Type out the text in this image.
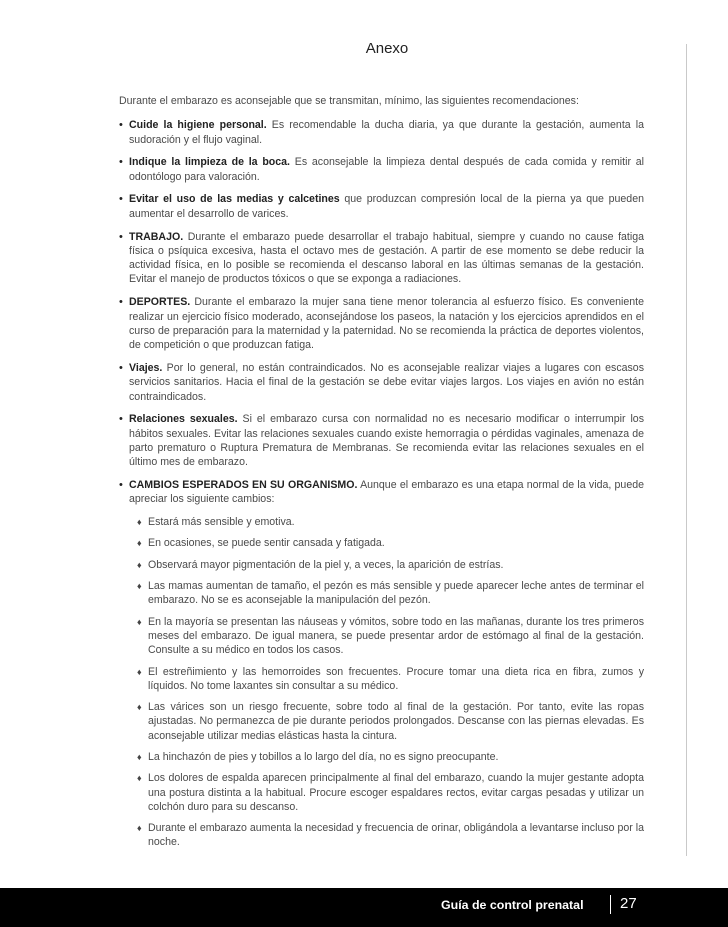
Anexo

Durante el embarazo es aconsejable que se transmitan, mínimo, las siguientes recomendaciones:

• Cuide la higiene personal. Es recomendable la ducha diaria, ya que durante la gestación, aumenta la sudoración y el flujo vaginal.
• Indique la limpieza de la boca. Es aconsejable la limpieza dental después de cada comida y remitir al odontólogo para valoración.
• Evitar el uso de las medias y calcetines que produzcan compresión local de la pierna ya que pueden aumentar el desarrollo de varices.
• TRABAJO. Durante el embarazo puede desarrollar el trabajo habitual, siempre y cuando no cause fatiga física o psíquica excesiva, hasta el octavo mes de gestación. A partir de ese momento se debe reducir la actividad física, en lo posible se recomienda el descanso laboral en las últimas semanas de la gestación. Evitar el manejo de productos tóxicos o que se exponga a radiaciones.
• DEPORTES. Durante el embarazo la mujer sana tiene menor tolerancia al esfuerzo físico. Es conveniente realizar un ejercicio físico moderado, aconsejándose los paseos, la natación y los ejercicios aprendidos en el curso de preparación para la maternidad y la paternidad. No se recomienda la práctica de deportes violentos, de competición o que produzcan fatiga.
• Viajes. Por lo general, no están contraindicados. No es aconsejable realizar viajes a lugares con escasos servicios sanitarios. Hacia el final de la gestación se debe evitar viajes largos. Los viajes en avión no están contraindicados.
• Relaciones sexuales. Si el embarazo cursa con normalidad no es necesario modificar o interrumpir los hábitos sexuales. Evitar las relaciones sexuales cuando existe hemorragia o pérdidas vaginales, amenaza de parto prematuro o Ruptura Prematura de Membranas. Se recomienda evitar las relaciones sexuales en el último mes de embarazo.
• CAMBIOS ESPERADOS EN SU ORGANISMO. Aunque el embarazo es una etapa normal de la vida, puede apreciar los siguiente cambios:
♦ Estará más sensible y emotiva.
♦ En ocasiones, se puede sentir cansada y fatigada.
♦ Observará mayor pigmentación de la piel y, a veces, la aparición de estrías.
♦ Las mamas aumentan de tamaño, el pezón es más sensible y puede aparecer leche antes de terminar el embarazo. No se es aconsejable la manipulación del pezón.
♦ En la mayoría se presentan las náuseas y vómitos, sobre todo en las mañanas, durante los tres primeros meses del embarazo. De igual manera, se puede presentar ardor de estómago al final de la gestación. Consulte a su médico en todos los casos.
♦ El estreñimiento y las hemorroides son frecuentes. Procure tomar una dieta rica en fibra, zumos y líquidos. No tome laxantes sin consultar a su médico.
♦ Las várices son un riesgo frecuente, sobre todo al final de la gestación. Por tanto, evite las ropas ajustadas. No permanezca de pie durante periodos prolongados. Descanse con las piernas elevadas. Es aconsejable utilizar medias elásticas hasta la cintura.
♦ La hinchazón de pies y tobillos a lo largo del día, no es signo preocupante.
♦ Los dolores de espalda aparecen principalmente al final del embarazo, cuando la mujer gestante adopta una postura distinta a la habitual. Procure escoger espaldares rectos, evitar cargas pesadas y utilizar un colchón duro para su descanso.
♦ Durante el embarazo aumenta la necesidad y frecuencia de orinar, obligándola a levantarse incluso por la noche.
Guía de control prenatal 27
